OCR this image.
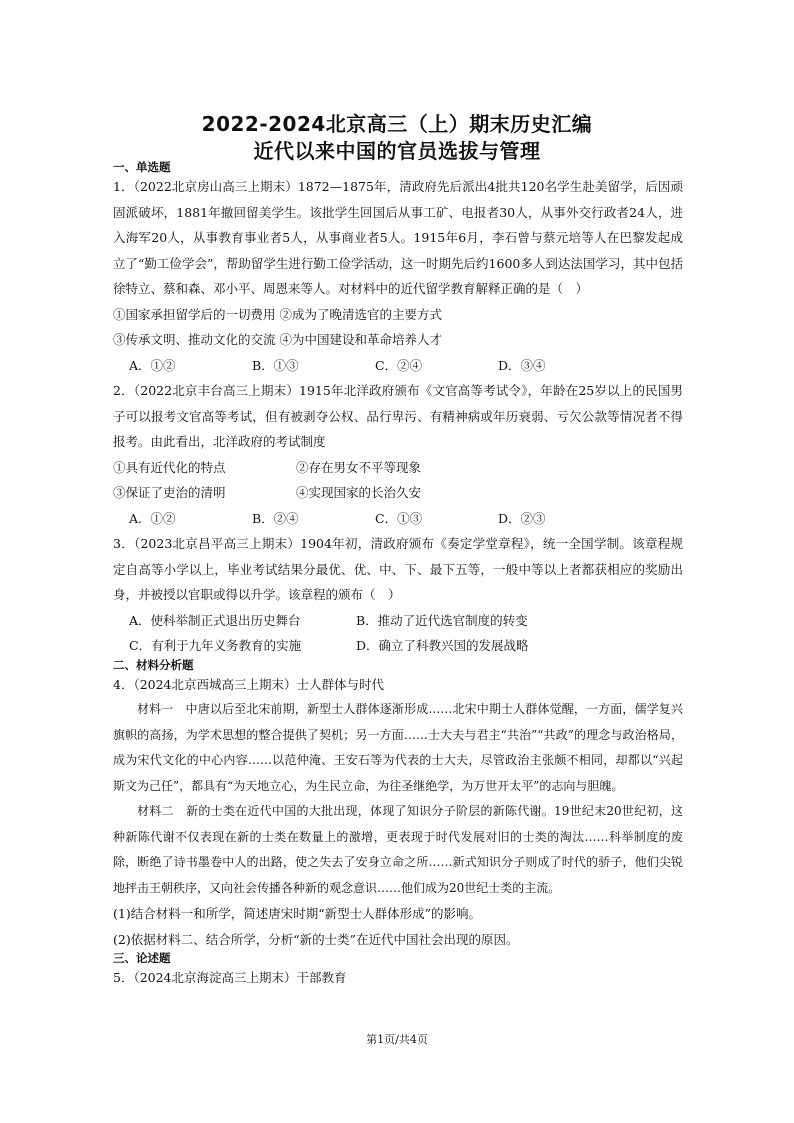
2022-2024北京高三（上）期末历史汇编
近代以来中国的官员选拔与管理
一、单选题

1．（2022北京房山高三上期末）1872—1875年，清政府先后派出4批共120名学生赴美留学，后因顽固派破坏，1881年撤回留美学生。该批学生回国后从事工矿、电报者30人，从事外交行政者24人，进入海军20人，从事教育事业者5人，从事商业者5人。1915年6月，李石曾与蔡元培等人在巴黎发起成立了“勤工俭学会”，帮助留学生进行勤工俭学活动，这一时期先后约1600多人到达法国学习，其中包括徐特立、蔡和森、邓小平、周恩来等人。对材料中的近代留学教育解释正确的是（　）

①国家承担留学后的一切费用 ②成为了晚清选官的主要方式

③传承文明、推动文化的交流 ④为中国建设和革命培养人才

A．①②	B．①③	C．②④	D．③④

2．（2022北京丰台高三上期末）1915年北洋政府颁布《文官高等考试令》，年龄在25岁以上的民国男子可以报考文官高等考试，但有被剥夺公权、品行卑污、有精神病或年历衰弱、亏欠公款等情况者不得报考。由此看出，北洋政府的考试制度

①具有近代化的特点	②存在男女不平等现象
③保证了吏治的清明	④实现国家的长治久安
A．①②	B．②④	C．①③	D．②③

3．（2023北京昌平高三上期末）1904年初，清政府颁布《奏定学堂章程》，统一全国学制。该章程规定自高等小学以上，毕业考试结果分最优、优、中、下、最下五等，一般中等以上者都获相应的奖励出身，并被授以官职或得以升学。该章程的颁布（　）

A．使科举制正式退出历史舞台	B．推动了近代选官制度的转变
C．有利于九年义务教育的实施	D．确立了科教兴国的发展战略
二、材料分析题

4．（2024北京西城高三上期末）士人群体与时代

材料一　中唐以后至北宋前期，新型士人群体逐渐形成……北宋中期士人群体觉醒，一方面，儒学复兴旗帜的高扬，为学术思想的整合提供了契机；另一方面……士大夫与君主“共治”“共政”的理念与政治格局，成为宋代文化的中心内容……以范仲淹、王安石等为代表的士大夫，尽管政治主张颇不相同，却都以“兴起斯文为己任”，都具有“为天地立心，为生民立命，为往圣继绝学，为万世开太平”的志向与胆魄。

材料二　新的士类在近代中国的大批出现，体现了知识分子阶层的新陈代谢。19世纪末20世纪初，这种新陈代谢不仅表现在新的士类在数量上的激增，更表现于时代发展对旧的士类的淘汰……科举制度的废除，断绝了诗书墨卷中人的出路，使之失去了安身立命之所……新式知识分子则成了时代的骄子，他们尖锐地抨击王朝秩序，又向社会传播各种新的观念意识……他们成为20世纪士类的主流。

(1)结合材料一和所学，简述唐宋时期“新型士人群体形成”的影响。

(2)依据材料二、结合所学，分析“新的士类”在近代中国社会出现的原因。

三、论述题

5．（2024北京海淀高三上期末）干部教育

第1页/共4页
